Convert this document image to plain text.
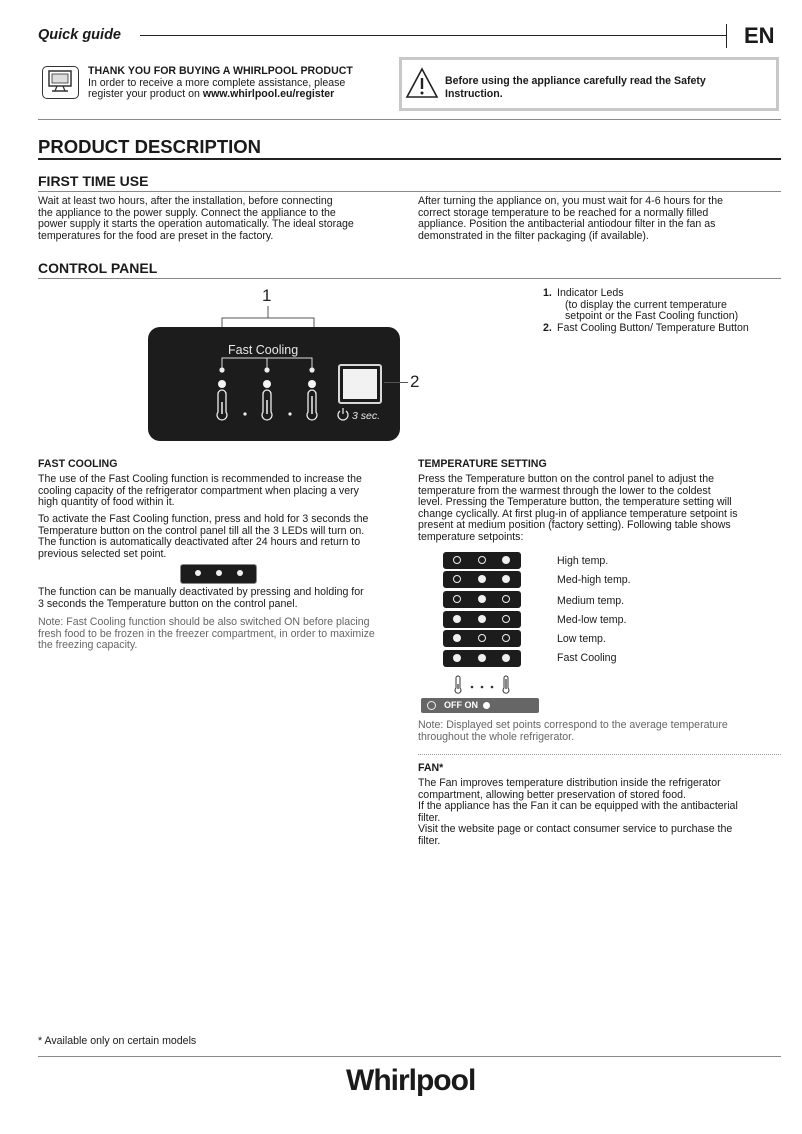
Quick guide	EN
THANK YOU FOR BUYING A WHIRLPOOL PRODUCT
In order to receive a more complete assistance, please
register your product on www.whirlpool.eu/register
Before using the appliance carefully read the Safety
Instruction.
PRODUCT DESCRIPTION
FIRST TIME USE
Wait at least two hours, after the installation, before connecting
the appliance to the power supply. Connect the appliance to the
power supply it starts the operation automatically. The ideal storage
temperatures for the food are preset in the factory.
After turning the appliance on, you must wait for 4-6 hours for the
correct storage temperature to be reached for a normally filled
appliance. Position the antibacterial antiodour filter in the fan as
demonstrated in the filter packaging (if available).
CONTROL PANEL
1
Fast Cooling
3 sec.
2
1. Indicator Leds
(to display the current temperature
setpoint or the Fast Cooling function)
2. Fast Cooling Button/ Temperature Button
FAST COOLING
The use of the Fast Cooling function is recommended to increase the
cooling capacity of the refrigerator compartment when placing a very
high quantity of food within it.
To activate the Fast Cooling function, press and hold for 3 seconds the
Temperature button on the control panel till all the 3 LEDs will turn on.
The function is automatically deactivated after 24 hours and return to
previous selected set point.
The function can be manually deactivated by pressing and holding for
3 seconds the Temperature button on the control panel.
Note: Fast Cooling function should be also switched ON before placing
fresh food to be frozen in the freezer compartment, in order to maximize
the freezing capacity.
TEMPERATURE SETTING
Press the Temperature button on the control panel to adjust the
temperature from the warmest through the lower to the coldest
level. Pressing the Temperature button, the temperature setting will
change cyclically. At first plug-in of appliance temperature setpoint is
present at medium position (factory setting). Following table shows
temperature setpoints:
High temp.
Med-high temp.
Medium temp.
Med-low temp.
Low temp.
Fast Cooling
OFF ON
Note: Displayed set points correspond to the average temperature
throughout the whole refrigerator.
FAN*
The Fan improves temperature distribution inside the refrigerator
compartment, allowing better preservation of stored food.
If the appliance has the Fan it can be equipped with the antibacterial
filter.
Visit the website page or contact consumer service to purchase the
filter.
* Available only on certain models
Whirlpool
